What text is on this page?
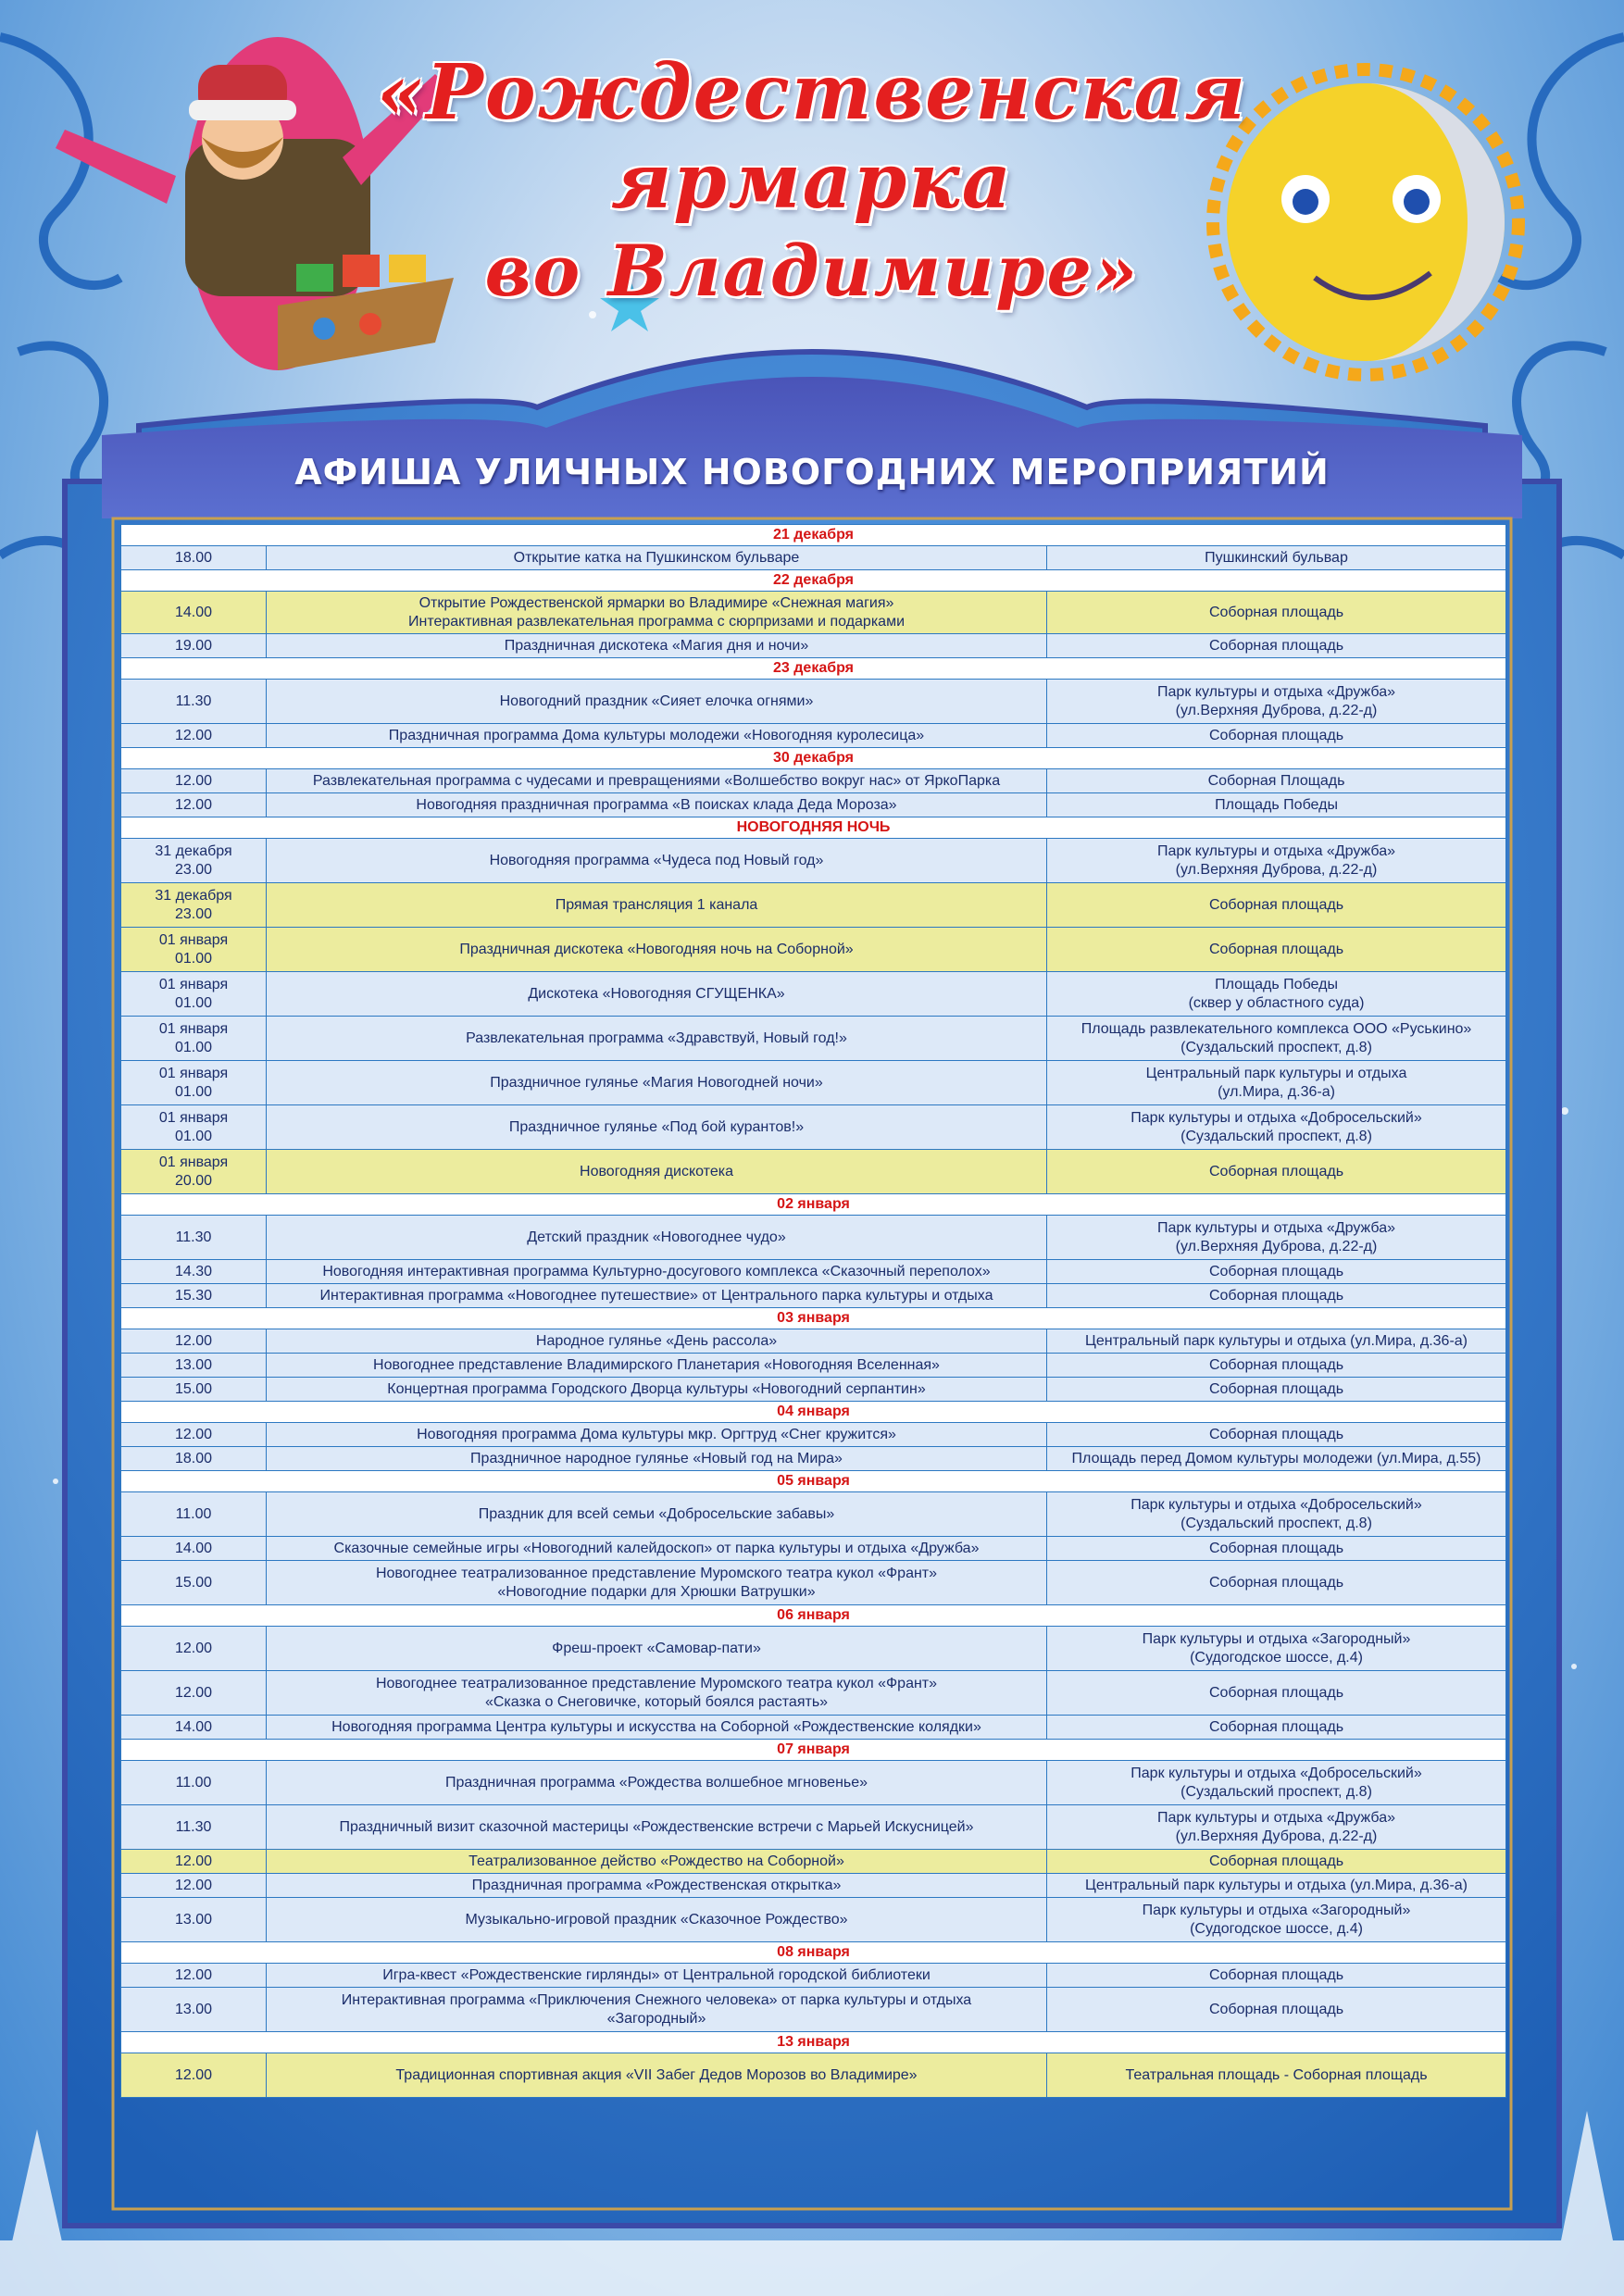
«Рождественская
ярмарка
во Владимире»
АФИША УЛИЧНЫХ НОВОГОДНИХ МЕРОПРИЯТИЙ
21 декабря		

18.00	Открытие катка на Пушкинском бульваре	Пушкинский бульвар

22 декабря		

14.00	Открытие Рождественской ярмарки во Владимире «Снежная магия»
Интерактивная развлекательная программа с сюрпризами и подарками	Соборная площадь

19.00	Праздничная дискотека «Магия дня и ночи»	Соборная площадь

23 декабря		

11.30	Новогодний праздник «Сияет елочка огнями»	Парк культуры и отдыха «Дружба»
(ул.Верхняя Дуброва, д.22-д)

12.00	Праздничная программа Дома культуры молодежи «Новогодняя куролесица»	Соборная площадь

30 декабря		

12.00	Развлекательная программа с чудесами и превращениями «Волшебство вокруг нас» от ЯркоПарка	Соборная Площадь

12.00	Новогодняя праздничная программа «В поисках клада Деда Мороза»	Площадь Победы

НОВОГОДНЯЯ НОЧЬ		

31 декабря
23.00	Новогодняя программа «Чудеса под Новый год»	Парк культуры и отдыха «Дружба»
(ул.Верхняя Дуброва, д.22-д)

31 декабря
23.00	Прямая трансляция 1 канала	Соборная площадь

01 января
01.00	Праздничная дискотека «Новогодняя ночь на Соборной»	Соборная площадь

01 января
01.00	Дискотека «Новогодняя СГУЩЕНКА»	Площадь Победы
(сквер у областного суда)

01 января
01.00	Развлекательная программа «Здравствуй, Новый год!»	Площадь развлекательного комплекса ООО «Руськино»
(Суздальский проспект, д.8)

01 января
01.00	Праздничное гулянье «Магия Новогодней ночи»	Центральный парк культуры и отдыха
(ул.Мира, д.36-а)

01 января
01.00	Праздничное гулянье «Под бой курантов!»	Парк культуры и отдыха «Добросельский»
(Суздальский проспект, д.8)

01 января
20.00	Новогодняя дискотека	Соборная площадь

02 января		

11.30	Детский праздник «Новогоднее чудо»	Парк культуры и отдыха «Дружба»
(ул.Верхняя Дуброва, д.22-д)

14.30	Новогодняя интерактивная программа Культурно-досугового комплекса «Сказочный переполох»	Соборная площадь

15.30	Интерактивная программа «Новогоднее путешествие» от Центрального парка культуры и отдыха	Соборная площадь

03 января		

12.00	Народное гулянье «День рассола»	Центральный парк культуры и отдыха (ул.Мира, д.36-а)

13.00	Новогоднее представление Владимирского Планетария «Новогодняя Вселенная»	Соборная площадь

15.00	Концертная программа Городского Дворца культуры «Новогодний серпантин»	Соборная площадь

04 января		

12.00	Новогодняя программа Дома культуры мкр. Оргтруд «Снег кружится»	Соборная площадь

18.00	Праздничное народное гулянье «Новый год на Мира»	Площадь перед Домом культуры молодежи (ул.Мира, д.55)

05 января		

11.00	Праздник для всей семьи «Добросельские забавы»	Парк культуры и отдыха «Добросельский»
(Суздальский проспект, д.8)

14.00	Сказочные семейные игры «Новогодний калейдоскоп» от парка культуры и отдыха «Дружба»	Соборная площадь

15.00	Новогоднее театрализованное представление Муромского театра кукол «Франт»
«Новогодние подарки для Хрюшки Ватрушки»	Соборная площадь

06 января		

12.00	Фреш-проект «Самовар-пати»	Парк культуры и отдыха «Загородный»
(Судогодское шоссе, д.4)

12.00	Новогоднее театрализованное представление Муромского театра кукол «Франт»
«Сказка о Снеговичке, который боялся растаять»	Соборная площадь

14.00	Новогодняя программа Центра культуры и искусства на Соборной «Рождественские колядки»	Соборная площадь

07 января		

11.00	Праздничная программа «Рождества волшебное мгновенье»	Парк культуры и отдыха «Добросельский»
(Суздальский проспект, д.8)

11.30	Праздничный визит сказочной мастерицы «Рождественские встречи с Марьей Искусницей»	Парк культуры и отдыха «Дружба»
(ул.Верхняя Дуброва, д.22-д)

12.00	Театрализованное действо «Рождество на Соборной»	Соборная площадь

12.00	Праздничная программа «Рождественская открытка»	Центральный парк культуры и отдыха (ул.Мира, д.36-а)

13.00	Музыкально-игровой праздник «Сказочное Рождество»	Парк культуры и отдыха «Загородный»
(Судогодское шоссе, д.4)

08 января		

12.00	Игра-квест «Рождественские гирлянды» от Центральной городской библиотеки	Соборная площадь

13.00	Интерактивная программа «Приключения Снежного человека» от парка культуры и отдыха
«Загородный»	Соборная площадь

13 января		

12.00	Традиционная спортивная акция «VII Забег Дедов Морозов во Владимире»	Театральная площадь - Соборная площадь
